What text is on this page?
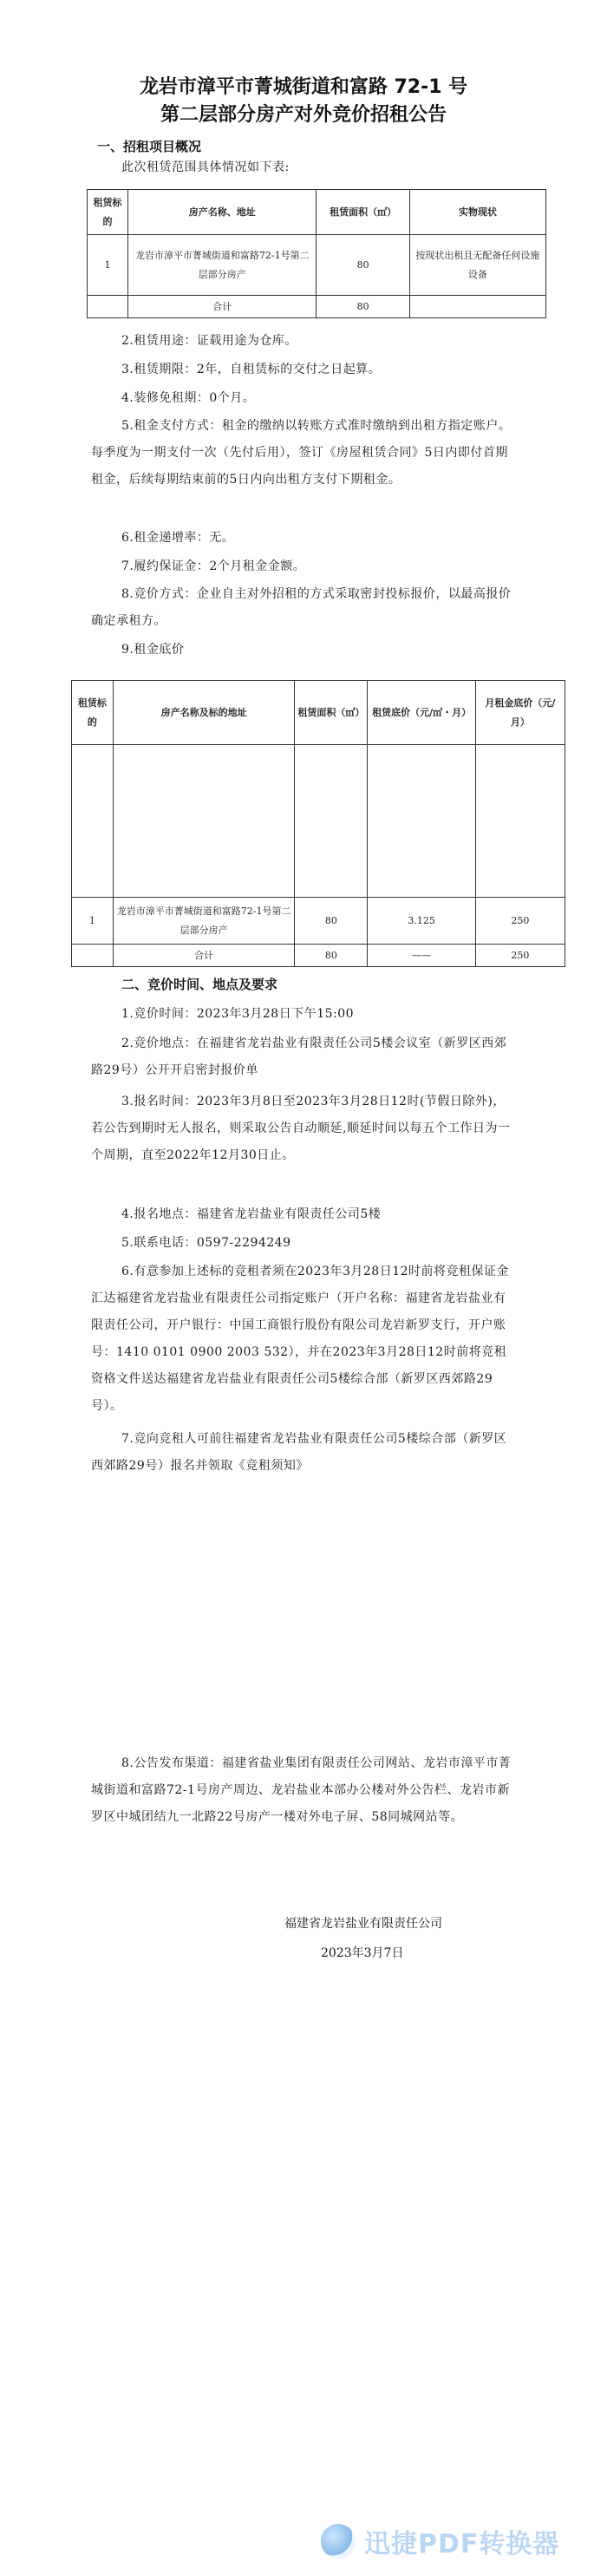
龙岩市漳平市菁城街道和富路 72-1 号
第二层部分房产对外竞价招租公告
一、招租项目概况
此次租赁范围具体情况如下表:
租赁标的	房产名称、地址	租赁面积（㎡）	实物现状
1	龙岩市漳平市菁城街道和富路72-1号第二层部分房产	80	按现状出租且无配备任何设施设备
	合计	80	
2.租赁用途：证载用途为仓库。
3.租赁期限：2年，自租赁标的交付之日起算。
4.装修免租期：0个月。
5.租金支付方式：租金的缴纳以转账方式准时缴纳到出租方指定账户。每季度为一期支付一次（先付后用），签订《房屋租赁合同》5日内即付首期租金，后续每期结束前的5日内向出租方支付下期租金。
6.租金递增率：无。
7.履约保证金：2个月租金金额。
8.竞价方式：企业自主对外招租的方式采取密封投标报价，以最高报价确定承租方。
9.租金底价
租赁标的	房产名称及标的地址	租赁面积（㎡）	租赁底价（元/㎡・月）	月租金底价（元/月）

1	龙岩市漳平市菁城街道和富路72-1号第二层部分房产	80	3.125	250
	合计	80	——	250
二、竞价时间、地点及要求
1.竞价时间：2023年3月28日下午15:00
2.竞价地点：在福建省龙岩盐业有限责任公司5楼会议室（新罗区西郊路29号）公开开启密封报价单
3.报名时间：2023年3月8日至2023年3月28日12时(节假日除外)，若公告到期时无人报名，则采取公告自动顺延,顺延时间以每五个工作日为一个周期，直至2022年12月30日止。
4.报名地点：福建省龙岩盐业有限责任公司5楼
5.联系电话：0597-2294249
6.有意参加上述标的竞租者须在2023年3月28日12时前将竞租保证金汇达福建省龙岩盐业有限责任公司指定账户（开户名称：福建省龙岩盐业有限责任公司，开户银行：中国工商银行股份有限公司龙岩新罗支行，开户账号：1410 0101 0900 2003 532），并在2023年3月28日12时前将竞租资格文件送达福建省龙岩盐业有限责任公司5楼综合部（新罗区西郊路29号）。
7.竞向竞租人可前往福建省龙岩盐业有限责任公司5楼综合部（新罗区西郊路29号）报名并领取《竞租须知》
8.公告发布渠道：福建省盐业集团有限责任公司网站、龙岩市漳平市菁城街道和富路72-1号房产周边、龙岩盐业本部办公楼对外公告栏、龙岩市新罗区中城团结九一北路22号房产一楼对外电子屏、58同城网站等。
福建省龙岩盐业有限责任公司
2023年3月7日
迅捷PDF转换器
